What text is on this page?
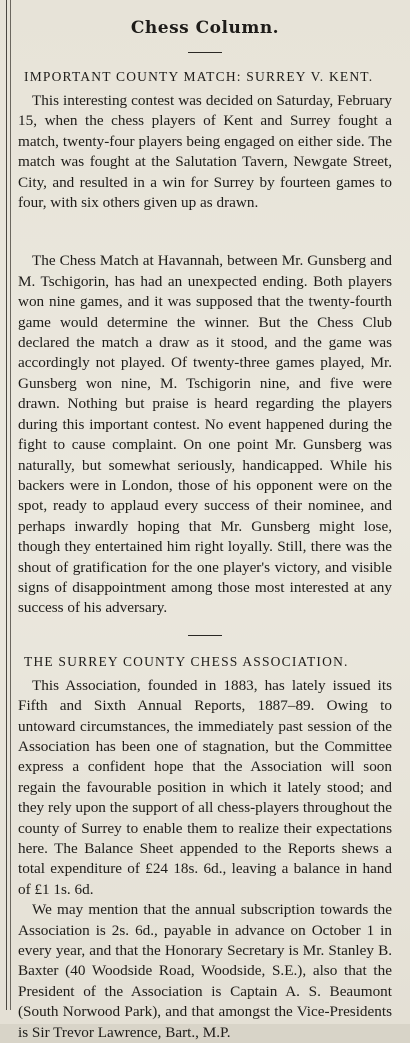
Chess Column.
IMPORTANT COUNTY MATCH: SURREY V. KENT.

This interesting contest was decided on Saturday, February 15, when the chess players of Kent and Surrey fought a match, twenty-four players being engaged on either side. The match was fought at the Salutation Tavern, Newgate Street, City, and resulted in a win for Surrey by fourteen games to four, with six others given up as drawn.

The Chess Match at Havannah, between Mr. Gunsberg and M. Tschigorin, has had an unexpected ending. Both players won nine games, and it was supposed that the twenty-fourth game would determine the winner. But the Chess Club declared the match a draw as it stood, and the game was accordingly not played. Of twenty-three games played, Mr. Gunsberg won nine, M. Tschigorin nine, and five were drawn. Nothing but praise is heard regarding the players during this important contest. No event happened during the fight to cause complaint. On one point Mr. Gunsberg was naturally, but somewhat seriously, handicapped. While his backers were in London, those of his opponent were on the spot, ready to applaud every success of their nominee, and perhaps inwardly hoping that Mr. Gunsberg might lose, though they entertained him right loyally. Still, there was the shout of gratification for the one player's victory, and visible signs of disappointment among those most interested at any success of his adversary.

THE SURREY COUNTY CHESS ASSOCIATION.

This Association, founded in 1883, has lately issued its Fifth and Sixth Annual Reports, 1887–89. Owing to untoward circumstances, the immediately past session of the Association has been one of stagnation, but the Committee express a confident hope that the Association will soon regain the favourable position in which it lately stood; and they rely upon the support of all chess-players throughout the county of Surrey to enable them to realize their expectations here. The Balance Sheet appended to the Reports shews a total expenditure of £24 18s. 6d., leaving a balance in hand of £1 1s. 6d.

We may mention that the annual subscription towards the Association is 2s. 6d., payable in advance on October 1 in every year, and that the Honorary Secretary is Mr. Stanley B. Baxter (40 Woodside Road, Woodside, S.E.), also that the President of the Association is Captain A. S. Beaumont (South Norwood Park), and that amongst the Vice-Presidents is Sir Trevor Lawrence, Bart., M.P.
